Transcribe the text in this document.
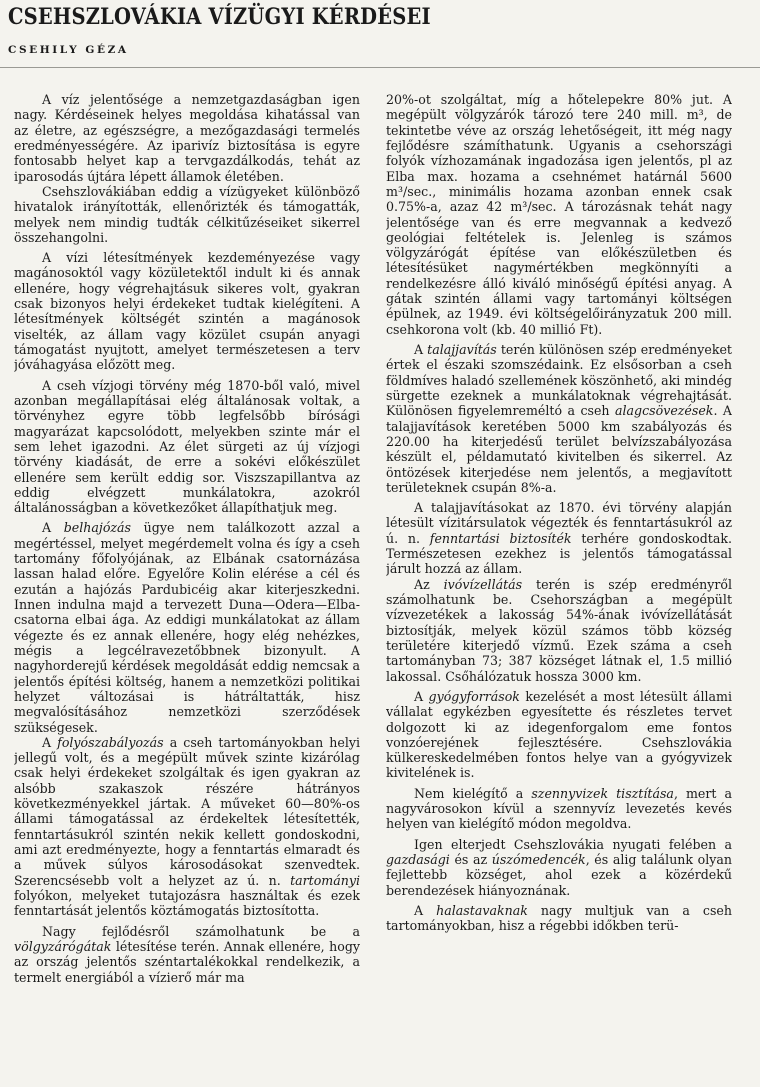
CSEHSZLOVÁKIA VÍZÜGYI KÉRDÉSEI
CSEHILY GÉZA

A víz jelentősége a nemzetgazdaságban igen nagy. Kérdéseinek helyes megoldása kihatással van az életre, az egészségre, a mezőgazdasági termelés eredményességére. Az iparivíz biztosítása is egyre fontosabb helyet kap a tervgazdálkodás, tehát az iparosodás újtára lépett államok életében.

Csehszlovákiában eddig a vízügyeket különböző hivatalok irányították, ellenőrizték és támogatták, melyek nem mindig tudták célkitűzéseiket sikerrel összehangolni.

A vízi létesítmények kezdeményezése vagy magánosoktól vagy közületektől indult ki és annak ellenére, hogy végrehajtásuk sikeres volt, gyakran csak bizonyos helyi érdekeket tudtak kielégíteni. A létesítmények költségét szintén a magánosok viselték, az állam vagy közület csupán anyagi támogatást nyujtott, amelyet természetesen a terv jóváhagyása előzött meg.

A cseh vízjogi törvény még 1870-ből való, mivel azonban megállapításai elég általánosak voltak, a törvényhez egyre több legfelsőbb bírósági magyarázat kapcsolódott, melyekben szinte már el sem lehet igazodni. Az élet sürgeti az új vízjogi törvény kiadását, de erre a sokévi előkészület ellenére sem került eddig sor. Viszszapillantva az eddig elvégzett munkálatokra, azokról általánosságban a következőket állapíthatjuk meg.

A belhajózás ügye nem találkozott azzal a megértéssel, melyet megérdemelt volna és így a cseh tartomány főfolyójának, az Elbának csatornázása lassan halad előre. Egyelőre Kolin elérése a cél és ezután a hajózás Pardubicéig akar kiterjeszkedni. Innen indulna majd a tervezett Duna—Odera—Elba-csatorna elbai ága. Az eddigi munkálatokat az állam végezte és ez annak ellenére, hogy elég nehézkes, mégis a legcélravezetőbbnek bizonyult. A nagyhorderejű kérdések megoldását eddig nemcsak a jelentős építési költség, hanem a nemzetközi politikai helyzet változásai is hátráltatták, hisz megvalósításához nemzetközi szerződések szükségesek.

A folyószabályozás a cseh tartományokban helyi jellegű volt, és a megépült művek szinte kizárólag csak helyi érdekeket szolgáltak és igen gyakran az alsóbb szakaszok részére hátrányos következményekkel jártak. A műveket 60—80%-os állami támogatással az érdekeltek létesítették, fenntartásukról szintén nekik kellett gondoskodni, ami azt eredményezte, hogy a fenntartás elmaradt és a művek súlyos károsodásokat szenvedtek. Szerencsésebb volt a helyzet az ú. n. tartományi folyókon, melyeket tutajozásra használtak és ezek fenntartását jelentős köztámogatás biztosította.

Nagy fejlődésről számolhatunk be a völgyzárógátak létesítése terén. Annak ellenére, hogy az ország jelentős széntartalékokkal rendelkezik, a termelt energiából a vízierő már ma

20%-ot szolgáltat, míg a hőtelepekre 80% jut. A megépült völgyzárók tározó tere 240 mill. m³, de tekintetbe véve az ország lehetőségeit, itt még nagy fejlődésre számíthatunk. Ugyanis a csehországi folyók vízhozamának ingadozása igen jelentős, pl az Elba max. hozama a csehnémet határnál 5600 m³/sec., minimális hozama azonban ennek csak 0.75%-a, azaz 42 m³/sec. A tározásnak tehát nagy jelentősége van és erre megvannak a kedvező geológiai feltételek is. Jelenleg is számos völgyzárógát építése van előkészületben és létesítésüket nagymértékben megkönnyíti a rendelkezésre álló kiváló minőségű építési anyag. A gátak szintén állami vagy tartományi költségen épülnek, az 1949. évi költségelőirányzatuk 200 mill. csehkorona volt (kb. 40 millió Ft).

A talajjavítás terén különösen szép eredményeket értek el északi szomszédaink. Ez elsősorban a cseh földmíves haladó szellemének köszönhető, aki mindég sürgette ezeknek a munkálatoknak végrehajtását. Különösen figyelemreméltó a cseh alagcsövezések. A talajjavítások keretében 5000 km szabályozás és 220.00 ha kiterjedésű terület belvízszabályozása készült el, példamutató kivitelben és sikerrel. Az öntözések kiterjedése nem jelentős, a megjavított területeknek csupán 8%-a.

A talajjavításokat az 1870. évi törvény alapján létesült vízitársulatok végezték és fenntartásukról az ú. n. fenntartási biztosíték terhére gondoskodtak. Természetesen ezekhez is jelentős támogatással járult hozzá az állam.

Az ivóvízellátás terén is szép eredményről számolhatunk be. Csehországban a megépült vízvezetékek a lakosság 54%-ának ivóvízellátását biztosítják, melyek közül számos több község területére kiterjedő vízmű. Ezek száma a cseh tartományban 73; 387 községet látnak el, 1.5 millió lakossal. Csőhálózatuk hossza 3000 km.

A gyógyforrások kezelését a most létesült állami vállalat egykézben egyesítette és részletes tervet dolgozott ki az idegenforgalom eme fontos vonzóerejének fejlesztésére. Csehszlovákia külkereskedelmében fontos helye van a gyógyvizek kivitelének is.

Nem kielégítő a szennyvizek tisztítása, mert a nagyvárosokon kívül a szennyvíz levezetés kevés helyen van kielégítő módon megoldva.

Igen elterjedt Csehszlovákia nyugati felében a gazdasági és az úszómedencék, és alig találunk olyan fejlettebb községet, ahol ezek a közérdekű berendezések hiányoznának.

A halastavaknak nagy multjuk van a cseh tartományokban, hisz a régebbi időkben terü-
